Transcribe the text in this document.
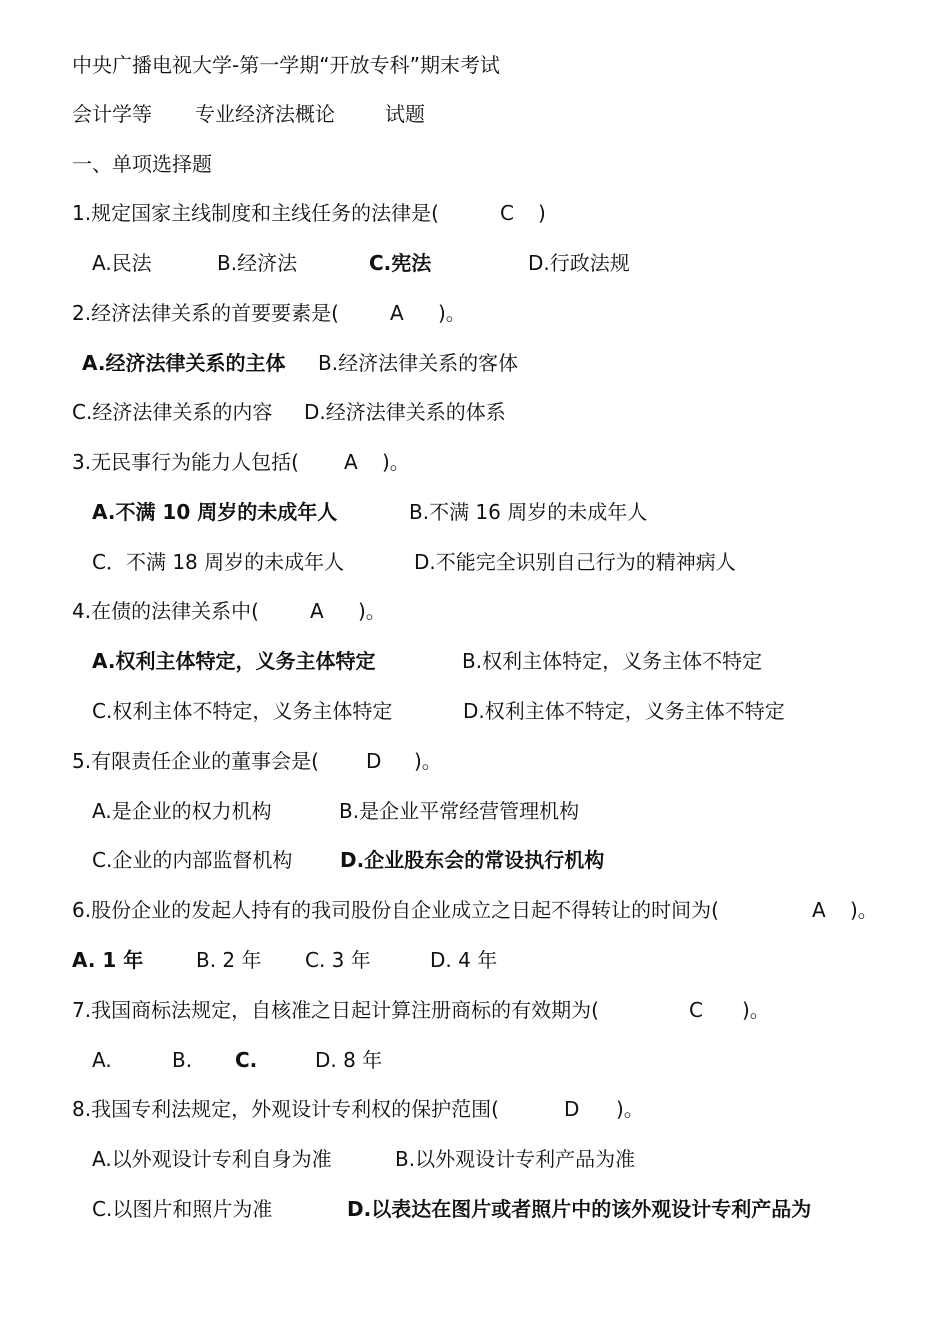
中央广播电视大学-第一学期“开放专科”期末考试
会计学等 专业经济法概论	试题
一、单项选择题
1.规定国家主线制度和主线任务的法律是(	C )
A.民法	B.经济法	C.宪法	D.行政法规
2.经济法律关系的首要要素是(	A )。
A.经济法律关系的主体 B.经济法律关系的客体
C.经济法律关系的内容 D.经济法律关系的体系
3.无民事行为能力人包括( A )。
A.不满 10 周岁的未成年人	B.不满 16 周岁的未成年人
C．不满 18 周岁的未成年人	D.不能完全识别自己行为的精神病人
4.在债的法律关系中(	A )。
A.权利主体特定，义务主体特定	B.权利主体特定，义务主体不特定
C.权利主体不特定，义务主体特定	D.权利主体不特定，义务主体不特定
5.有限责任企业的董事会是( D )。
A.是企业的权力机构	B.是企业平常经营管理机构
C.企业的内部监督机构 D.企业股东会的常设执行机构
6.股份企业的发起人持有的我司股份自企业成立之日起不得转让的时间为(	A )。
A. 1 年	B. 2 年 C. 3 年	D. 4 年
7.我国商标法规定，自核准之日起计算注册商标的有效期为(	C )。
A.	B. C.	D. 8 年
8.我国专利法规定，外观设计专利权的保护范围(	D )。
A.以外观设计专利自身为准	B.以外观设计专利产品为准
C.以图片和照片为准	D.以表达在图片或者照片中的该外观设计专利产品为
